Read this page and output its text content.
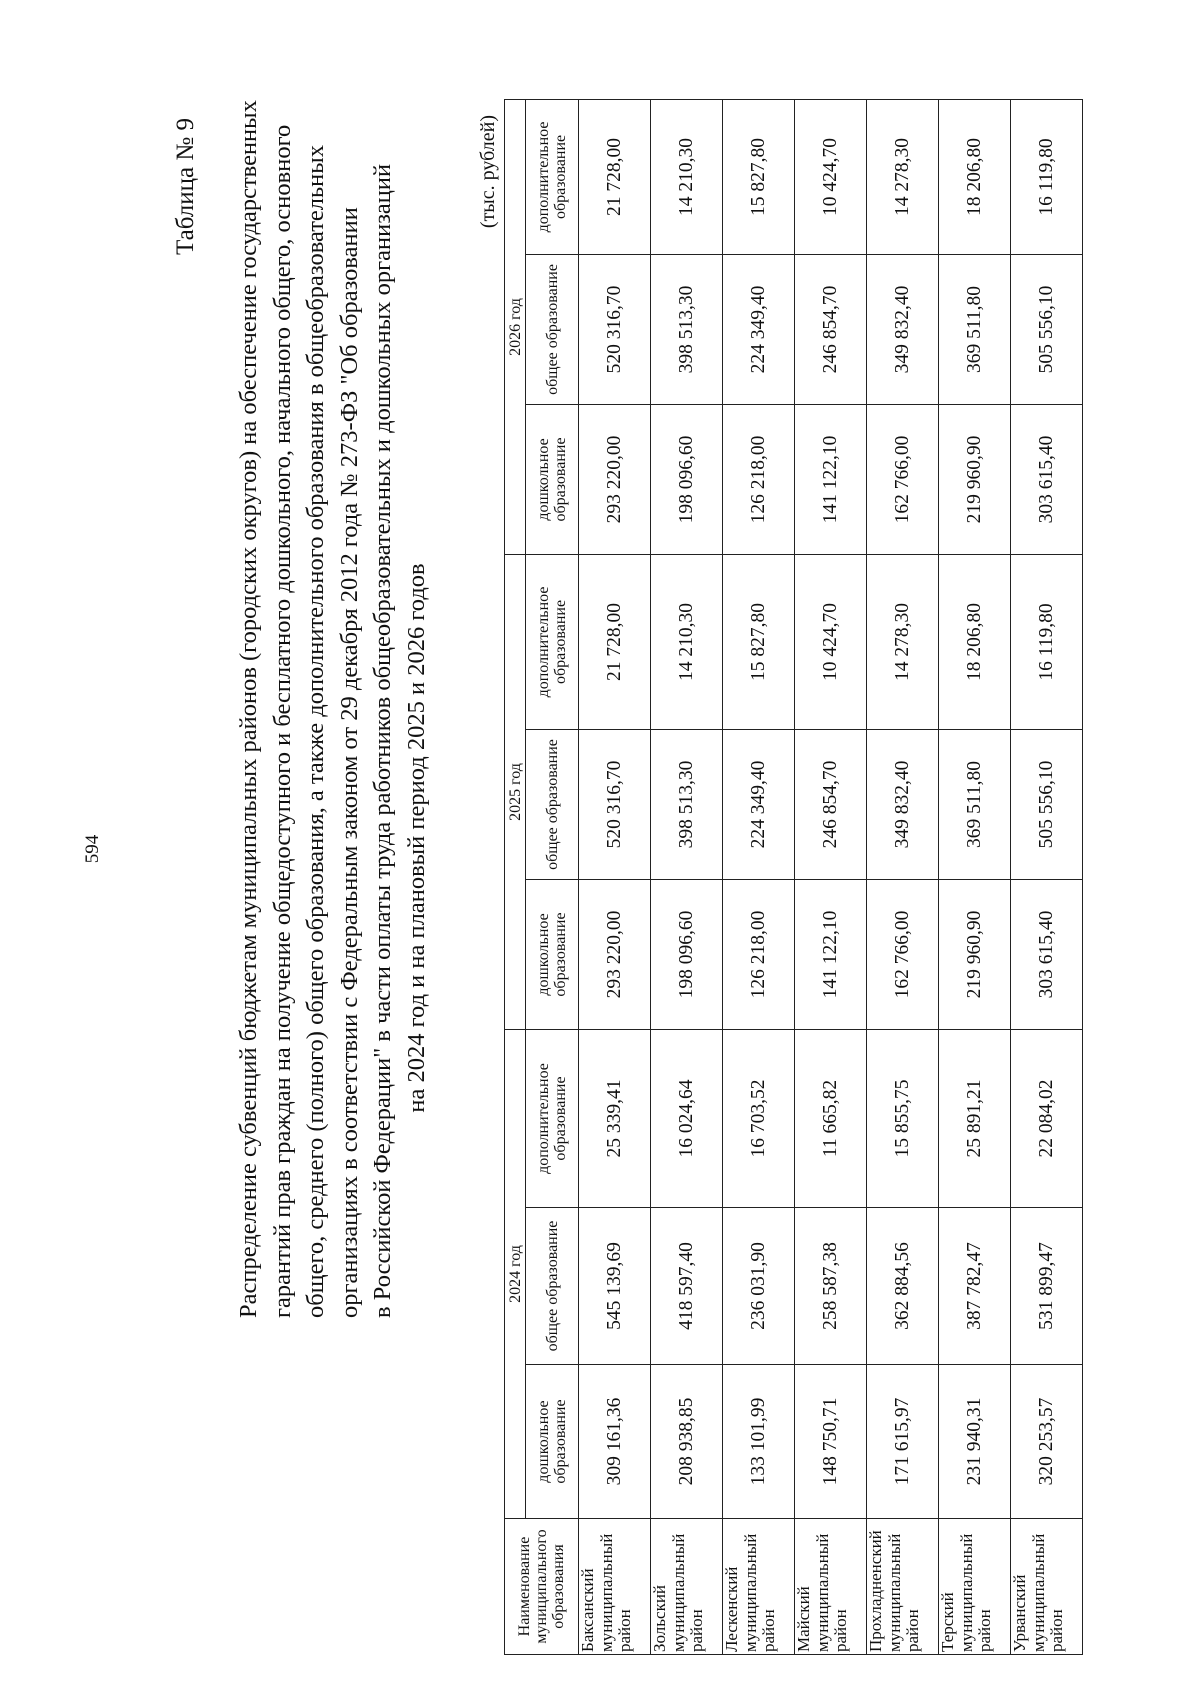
594
Таблица № 9 Распределение субвенций бюджетам муниципальных районов (городских округов) на обеспечение государственных гарантий прав граждан на получение общедоступного и бесплатного дошкольного, начального общего, основного общего, среднего (полного) общего образования, а также дополнительного образования в общеобразовательных организациях в соответствии с Федеральным законом от 29 декабря 2012 года № 273-ФЗ "Об образовании в Российской Федерации" в части оплаты труда работников общеобразовательных и дошкольных организаций на 2024 год и на плановый период 2025 и 2026 годов

(тыс. рублей)
Наименование муниципального образования	2024 год			2025 год			2026 год		
	дошкольное образование	общее образование	дополнительное образование	дошкольное образование	общее образование	дополнительное образование	дошкольное образование	общее образование	дополнительное образование

Баксанский муниципальный район	309 161,36	545 139,69	25 339,41	293 220,00	520 316,70	21 728,00	293 220,00	520 316,70	21 728,00

Зольский муниципальный район	208 938,85	418 597,40	16 024,64	198 096,60	398 513,30	14 210,30	198 096,60	398 513,30	14 210,30

Лескенский муниципальный район	133 101,99	236 031,90	16 703,52	126 218,00	224 349,40	15 827,80	126 218,00	224 349,40	15 827,80

Майский муниципальный район	148 750,71	258 587,38	11 665,82	141 122,10	246 854,70	10 424,70	141 122,10	246 854,70	10 424,70

Прохладненский муниципальный район	171 615,97	362 884,56	15 855,75	162 766,00	349 832,40	14 278,30	162 766,00	349 832,40	14 278,30

Терский муниципальный район	231 940,31	387 782,47	25 891,21	219 960,90	369 511,80	18 206,80	219 960,90	369 511,80	18 206,80

Урванский муниципальный район	320 253,57	531 899,47	22 084,02	303 615,40	505 556,10	16 119,80	303 615,40	505 556,10	16 119,80
